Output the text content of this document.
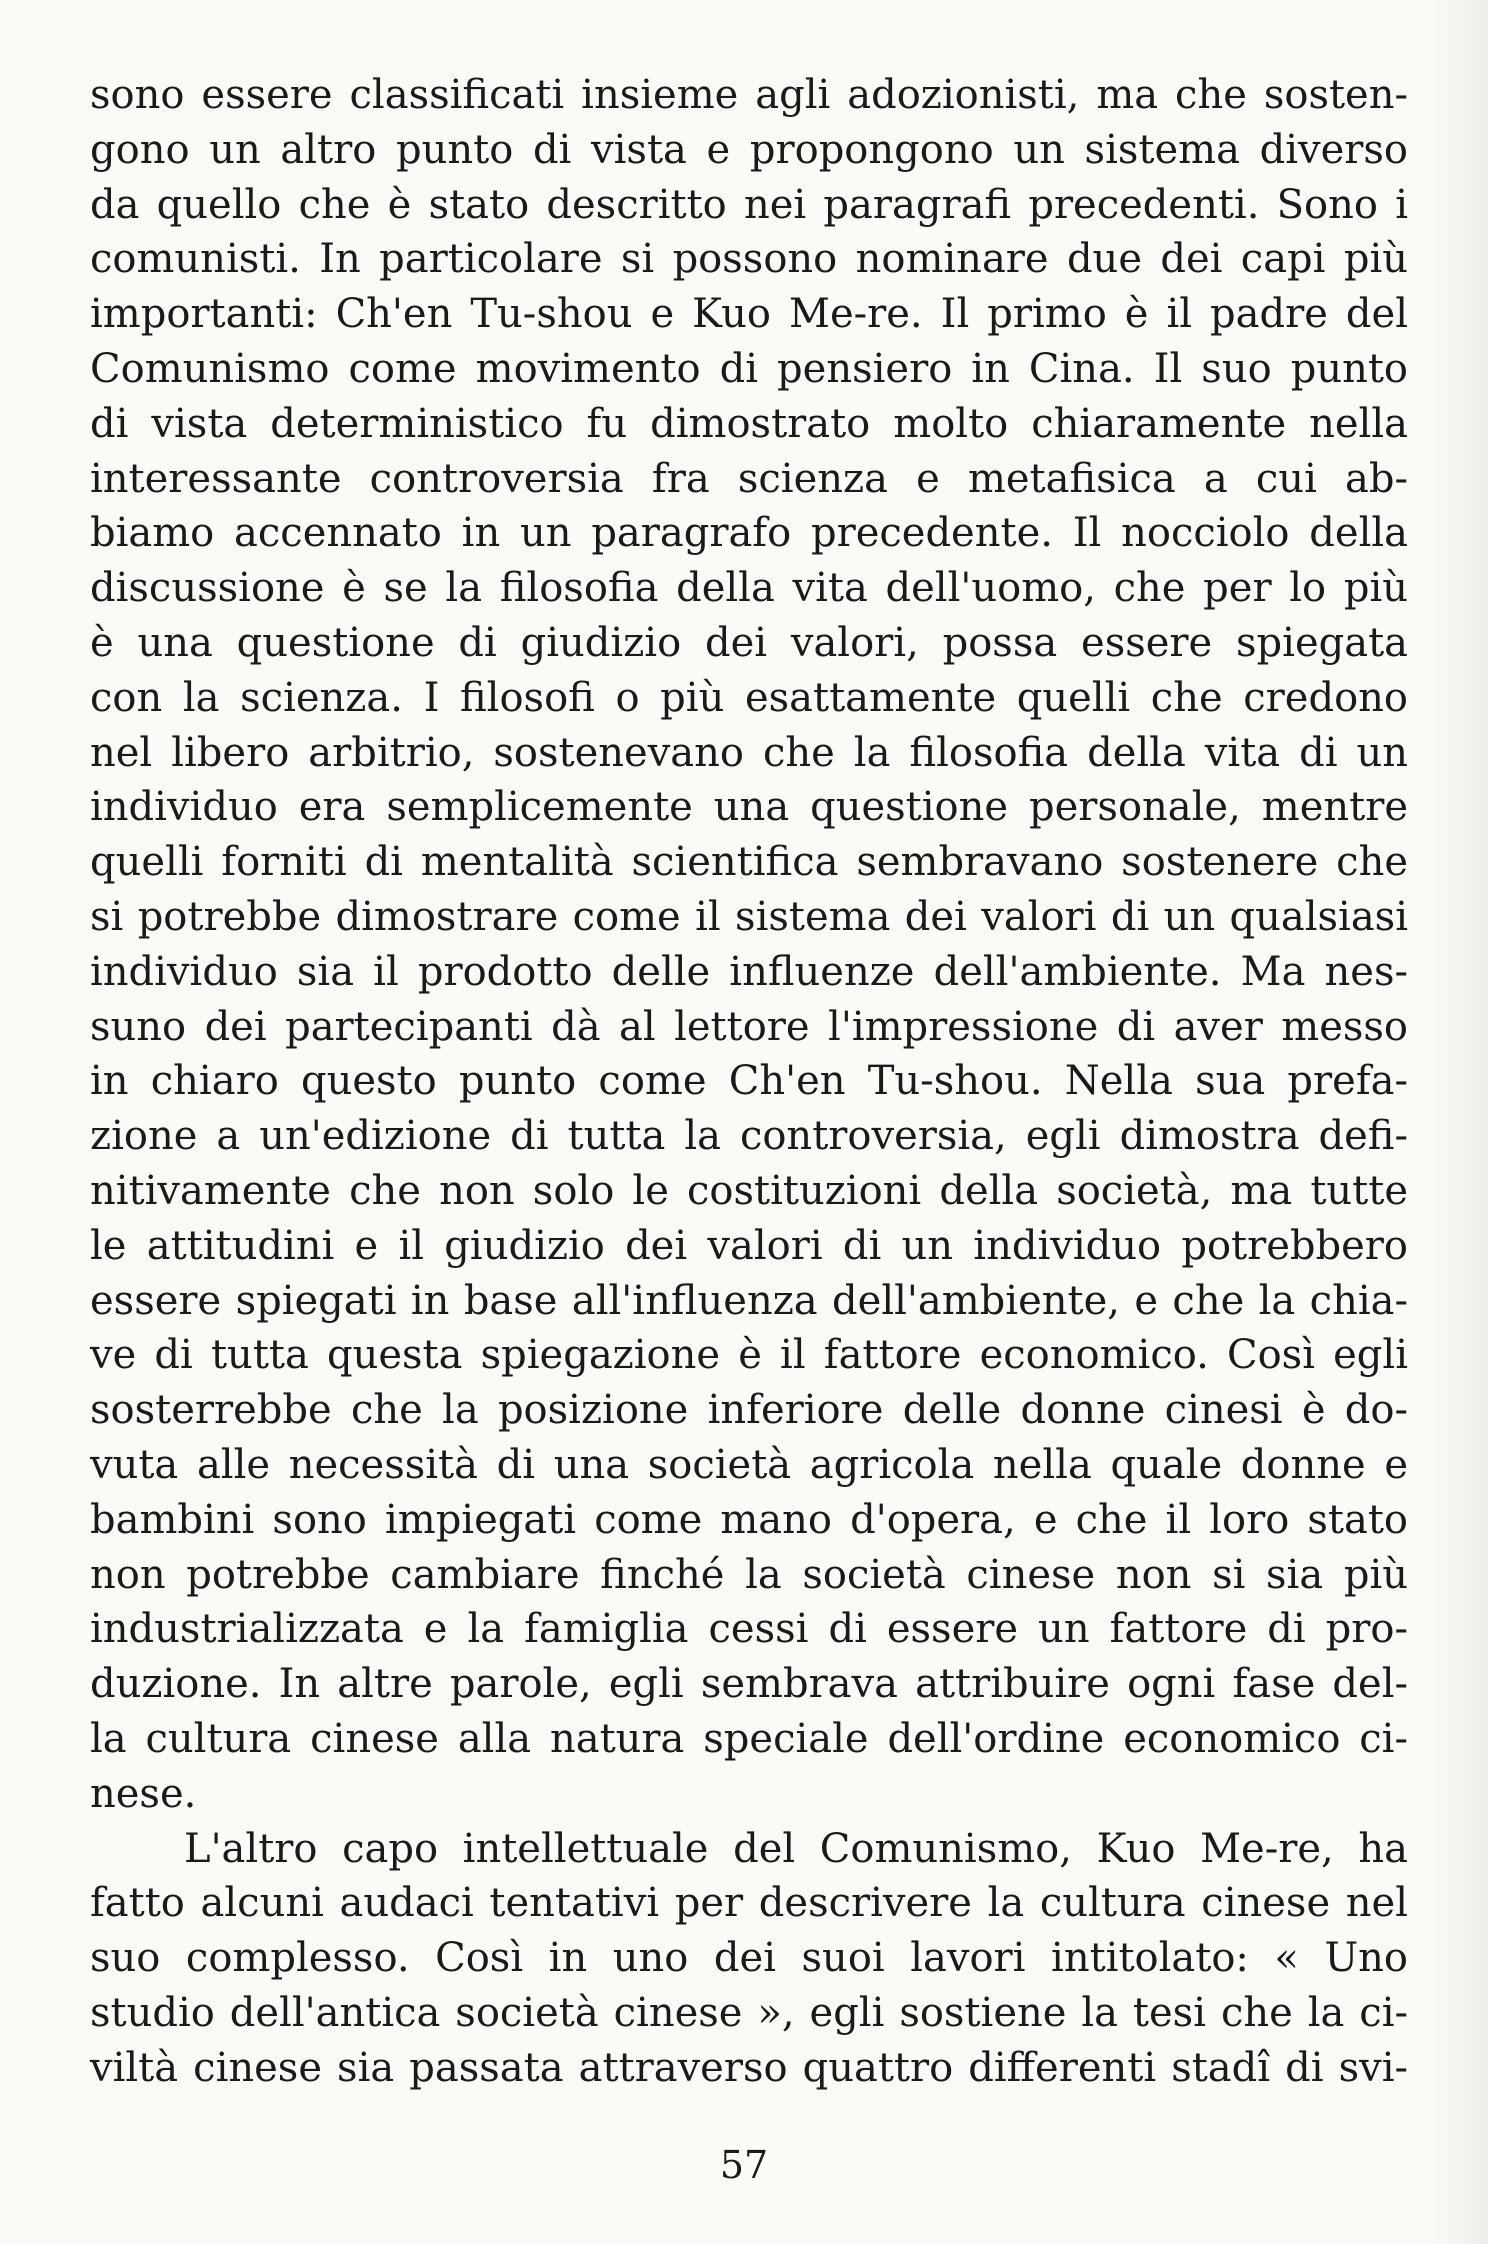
sono essere classificati insieme agli adozionisti, ma che sosten-
gono un altro punto di vista e propongono un sistema diverso
da quello che è stato descritto nei paragrafi precedenti. Sono i
comunisti. In particolare si possono nominare due dei capi più
importanti: Ch'en Tu-shou e Kuo Me-re. Il primo è il padre del
Comunismo come movimento di pensiero in Cina. Il suo punto
di vista deterministico fu dimostrato molto chiaramente nella
interessante controversia fra scienza e metafisica a cui ab-
biamo accennato in un paragrafo precedente. Il nocciolo della
discussione è se la filosofia della vita dell'uomo, che per lo più
è una questione di giudizio dei valori, possa essere spiegata
con la scienza. I filosofi o più esattamente quelli che credono
nel libero arbitrio, sostenevano che la filosofia della vita di un
individuo era semplicemente una questione personale, mentre
quelli forniti di mentalità scientifica sembravano sostenere che
si potrebbe dimostrare come il sistema dei valori di un qualsiasi
individuo sia il prodotto delle influenze dell'ambiente. Ma nes-
suno dei partecipanti dà al lettore l'impressione di aver messo
in chiaro questo punto come Ch'en Tu-shou. Nella sua prefa-
zione a un'edizione di tutta la controversia, egli dimostra defi-
nitivamente che non solo le costituzioni della società, ma tutte
le attitudini e il giudizio dei valori di un individuo potrebbero
essere spiegati in base all'influenza dell'ambiente, e che la chia-
ve di tutta questa spiegazione è il fattore economico. Così egli
sosterrebbe che la posizione inferiore delle donne cinesi è do-
vuta alle necessità di una società agricola nella quale donne e
bambini sono impiegati come mano d'opera, e che il loro stato
non potrebbe cambiare finché la società cinese non si sia più
industrializzata e la famiglia cessi di essere un fattore di pro-
duzione. In altre parole, egli sembrava attribuire ogni fase del-
la cultura cinese alla natura speciale dell'ordine economico ci-
nese.
L'altro capo intellettuale del Comunismo, Kuo Me-re, ha
fatto alcuni audaci tentativi per descrivere la cultura cinese nel
suo complesso. Così in uno dei suoi lavori intitolato: « Uno
studio dell'antica società cinese », egli sostiene la tesi che la ci-
viltà cinese sia passata attraverso quattro differenti stadî di svi-
57
